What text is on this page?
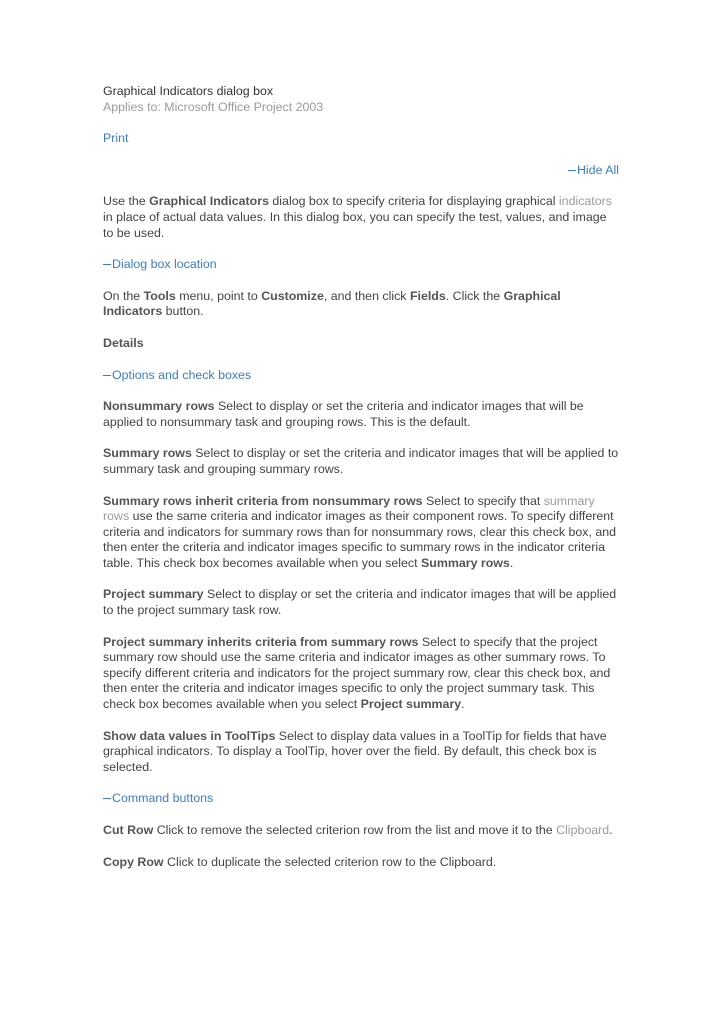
Graphical Indicators dialog box

Applies to: Microsoft Office Project 2003

Print

Hide All

Use the Graphical Indicators dialog box to specify criteria for displaying graphical indicators in place of actual data values. In this dialog box, you can specify the test, values, and image to be used.

Dialog box location

On the Tools menu, point to Customize, and then click Fields. Click the Graphical Indicators button.

Details

Options and check boxes

Nonsummary rows Select to display or set the criteria and indicator images that will be applied to nonsummary task and grouping rows. This is the default.

Summary rows Select to display or set the criteria and indicator images that will be applied to summary task and grouping summary rows.

Summary rows inherit criteria from nonsummary rows Select to specify that summary rows use the same criteria and indicator images as their component rows. To specify different criteria and indicators for summary rows than for nonsummary rows, clear this check box, and then enter the criteria and indicator images specific to summary rows in the indicator criteria table. This check box becomes available when you select Summary rows.

Project summary Select to display or set the criteria and indicator images that will be applied to the project summary task row.

Project summary inherits criteria from summary rows Select to specify that the project summary row should use the same criteria and indicator images as other summary rows. To specify different criteria and indicators for the project summary row, clear this check box, and then enter the criteria and indicator images specific to only the project summary task. This check box becomes available when you select Project summary.

Show data values in ToolTips Select to display data values in a ToolTip for fields that have graphical indicators. To display a ToolTip, hover over the field. By default, this check box is selected.

Command buttons

Cut Row Click to remove the selected criterion row from the list and move it to the Clipboard.

Copy Row Click to duplicate the selected criterion row to the Clipboard.
